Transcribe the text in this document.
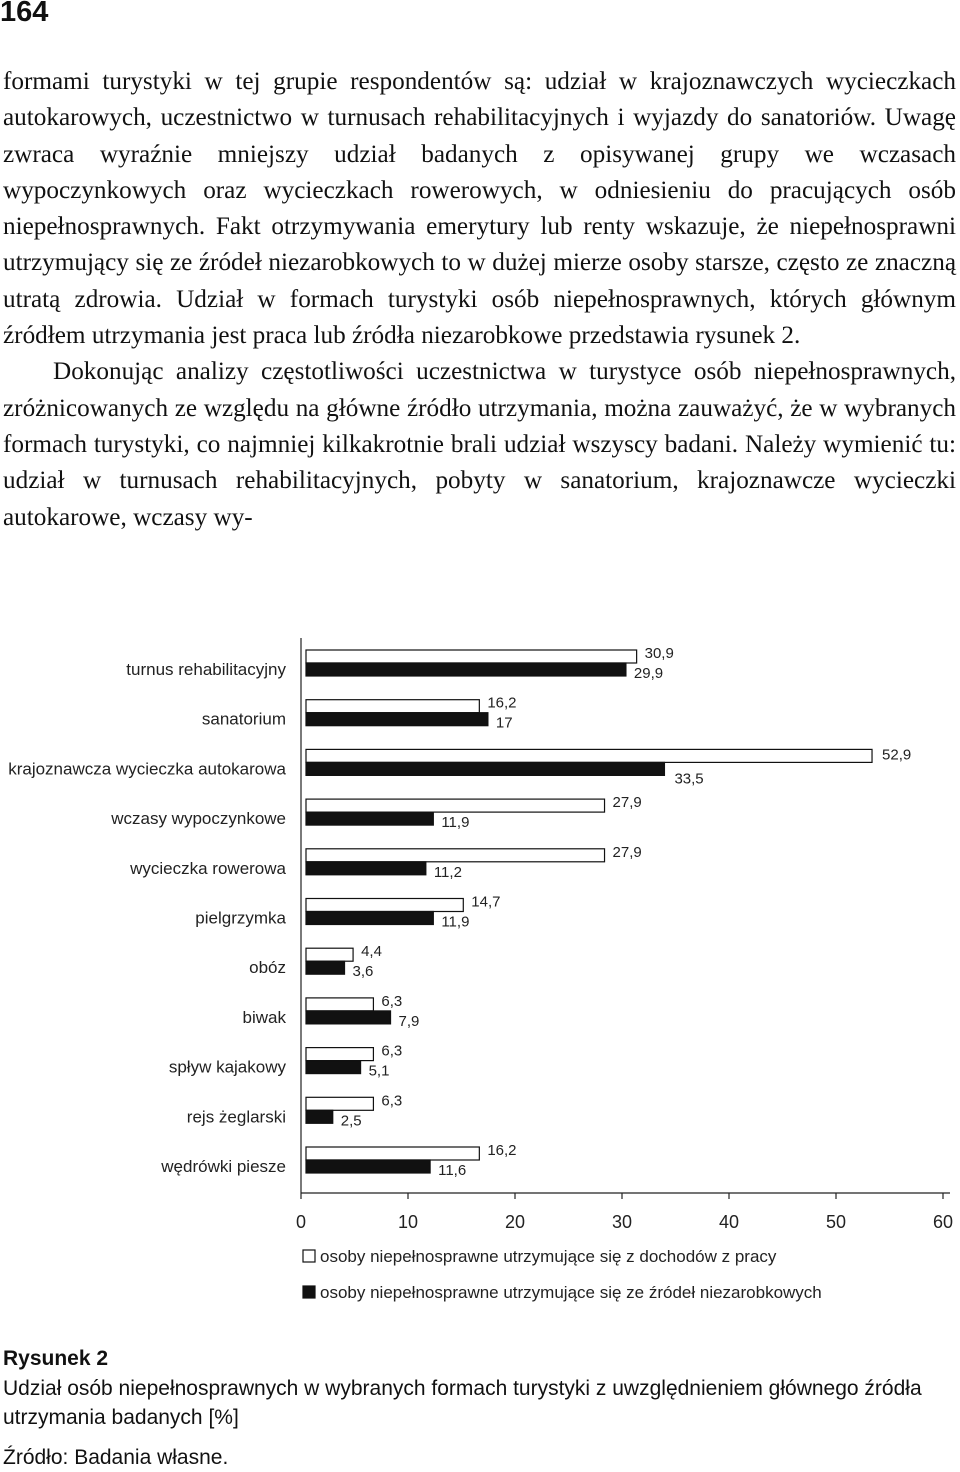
164

formami turystyki w tej grupie respondentów są: udział w krajoznawczych wycieczkach autokarowych, uczestnictwo w turnusach rehabilitacyjnych i wyjazdy do sanatoriów. Uwagę zwraca wyraźnie mniejszy udział badanych z opisywanej grupy we wczasach wypoczynkowych oraz wycieczkach rowerowych, w odniesieniu do pracujących osób niepełnosprawnych. Fakt otrzymywania emerytury lub renty wskazuje, że niepełnosprawni utrzymujący się ze źródeł niezarobkowych to w dużej mierze osoby starsze, często ze znaczną utratą zdrowia. Udział w formach turystyki osób niepełnosprawnych, których głównym źródłem utrzymania jest praca lub źródła niezarobkowe przedstawia rysunek 2.

Dokonując analizy częstotliwości uczestnictwa w turystyce osób niepełnosprawnych, zróżnicowanych ze względu na główne źródło utrzymania, można zauważyć, że w wybranych formach turystyki, co najmniej kilkakrotnie brali udział wszyscy badani. Należy wymienić tu: udział w turnusach rehabilitacyjnych, pobyty w sanatorium, krajoznawcze wycieczki autokarowe, wczasy wy-

turnus rehabilitacyjny
sanatorium
krajoznawcza wycieczka autokarowa
wczasy wypoczynkowe
wycieczka rowerowa
pielgrzymka
obóz
biwak
spływ kajakowy
rejs żeglarski
wędrówki piesze
30,9
29,9
16,2
17
52,9
33,5
27,9
11,9
27,9
11,2
14,7
11,9
4,4
3,6
6,3
7,9
6,3
5,1
6,3
2,5
16,2
11,6
0	10	20	30	40	50	60
osoby niepełnosprawne utrzymujące się z dochodów z pracy
osoby niepełnosprawne utrzymujące się ze źródeł niezarobkowych
Rysunek 2
Udział osób niepełnosprawnych w wybranych formach turystyki z uwzględnieniem głównego źródła utrzymania badanych [%]
Źródło: Badania własne.
